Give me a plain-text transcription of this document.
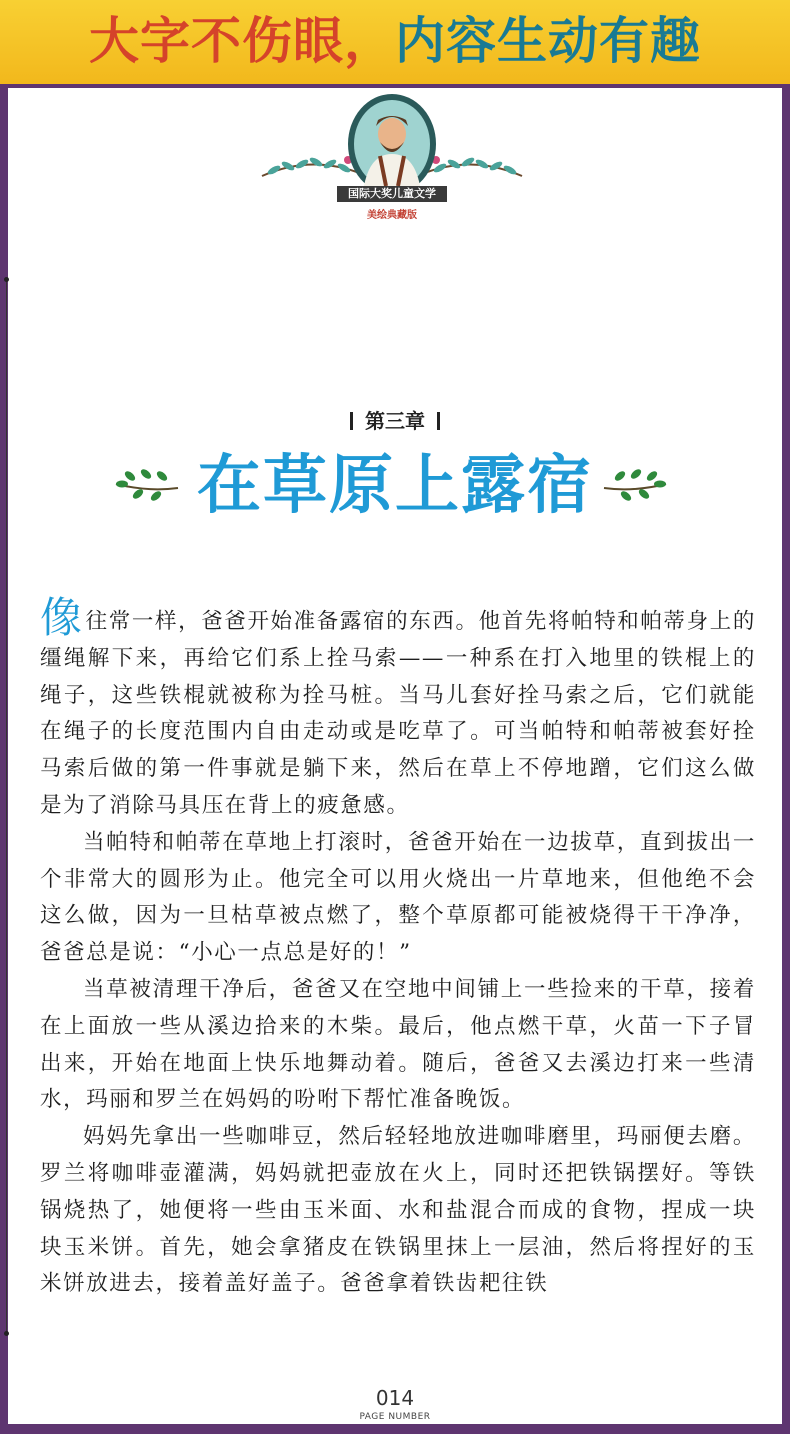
大字不伤眼，内容生动有趣
国际大奖儿童文学
美绘典藏版
第三章
在草原上露宿

像往常一样，爸爸开始准备露宿的东西。他首先将帕特和帕蒂身上的缰绳解下来，再给它们系上拴马索——一种系在打入地里的铁棍上的绳子，这些铁棍就被称为拴马桩。当马儿套好拴马索之后，它们就能在绳子的长度范围内自由走动或是吃草了。可当帕特和帕蒂被套好拴马索后做的第一件事就是躺下来，然后在草上不停地蹭，它们这么做是为了消除马具压在背上的疲惫感。

当帕特和帕蒂在草地上打滚时，爸爸开始在一边拔草，直到拔出一个非常大的圆形为止。他完全可以用火烧出一片草地来，但他绝不会这么做，因为一旦枯草被点燃了，整个草原都可能被烧得干干净净，爸爸总是说：“小心一点总是好的！”

当草被清理干净后，爸爸又在空地中间铺上一些捡来的干草，接着在上面放一些从溪边拾来的木柴。最后，他点燃干草，火苗一下子冒出来，开始在地面上快乐地舞动着。随后，爸爸又去溪边打来一些清水，玛丽和罗兰在妈妈的吩咐下帮忙准备晚饭。

妈妈先拿出一些咖啡豆，然后轻轻地放进咖啡磨里，玛丽便去磨。罗兰将咖啡壶灌满，妈妈就把壶放在火上，同时还把铁锅摆好。等铁锅烧热了，她便将一些由玉米面、水和盐混合而成的食物，捏成一块块玉米饼。首先，她会拿猪皮在铁锅里抹上一层油，然后将捏好的玉米饼放进去，接着盖好盖子。爸爸拿着铁齿耙往铁

014
PAGE NUMBER
